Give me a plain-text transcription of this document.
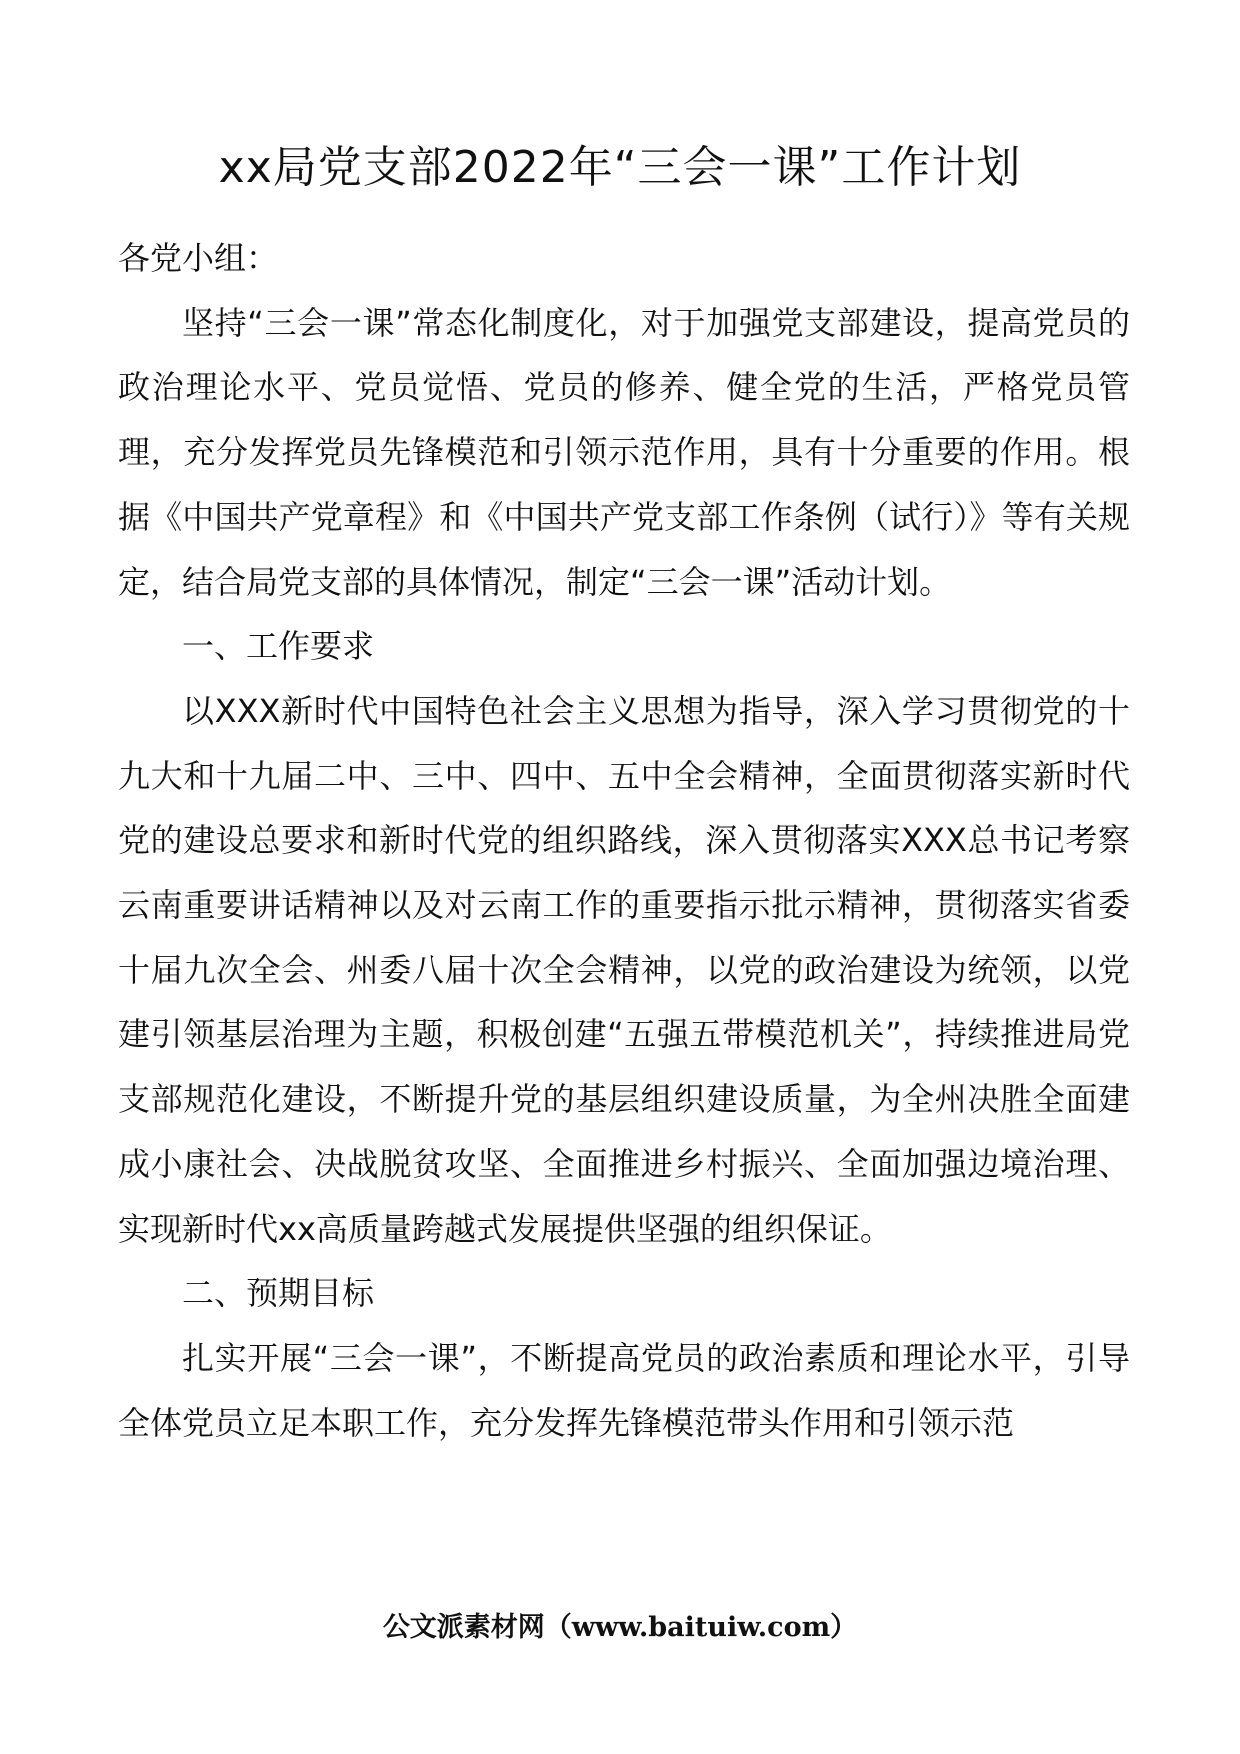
xx局党支部2022年“三会一课”工作计划

各党小组：

坚持“三会一课”常态化制度化，对于加强党支部建设，提高党员的政治理论水平、党员觉悟、党员的修养、健全党的生活，严格党员管理，充分发挥党员先锋模范和引领示范作用，具有十分重要的作用。根据《中国共产党章程》和《中国共产党支部工作条例（试行）》等有关规定，结合局党支部的具体情况，制定“三会一课”活动计划。

一、工作要求

以XXX新时代中国特色社会主义思想为指导，深入学习贯彻党的十九大和十九届二中、三中、四中、五中全会精神，全面贯彻落实新时代党的建设总要求和新时代党的组织路线，深入贯彻落实XXX总书记考察云南重要讲话精神以及对云南工作的重要指示批示精神，贯彻落实省委十届九次全会、州委八届十次全会精神，以党的政治建设为统领，以党建引领基层治理为主题，积极创建“五强五带模范机关”，持续推进局党支部规范化建设，不断提升党的基层组织建设质量，为全州决胜全面建成小康社会、决战脱贫攻坚、全面推进乡村振兴、全面加强边境治理、实现新时代xx高质量跨越式发展提供坚强的组织保证。

二、预期目标

扎实开展“三会一课”，不断提高党员的政治素质和理论水平，引导全体党员立足本职工作，充分发挥先锋模范带头作用和引领示范

公文派素材网（www.baituiw.com）
